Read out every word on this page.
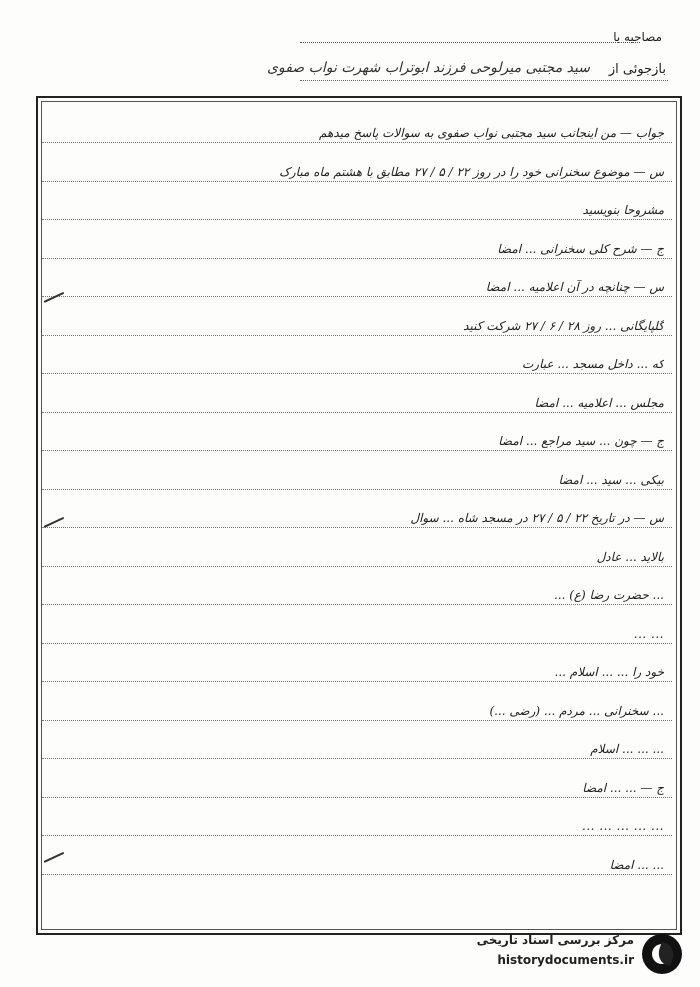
مصاحبه با
بازجوئی از
سید مجتبی میرلوحی فرزند ابوتراب شهرت نواب صفوی
جواب — من اینجانب سید مجتبی نواب صفوی به سوالات پاسخ میدهم
س — موضوع سخنرانی خود را در روز ۲۲ / ۵ / ۲۷ مطابق با هشتم ماه مبارک
مشروحا بنویسید
ج — شرح کلی سخنرانی ... امضا
س — چنانچه در آن اعلامیه ... امضا
گلپایگانی ... روز ۲۸ / ۶ / ۲۷ شرکت کنید
که ... داخل مسجد ... عبارت
مجلس ... اعلامیه ... امضا
ج — چون ... سید مراجع ... امضا
بیکی ... سید ... امضا
س — در تاریخ ۲۲ / ۵ / ۲۷ در مسجد شاه ... سوال
بالاید ... عادل
... حضرت رضا (ع) ...
... ...
خود را ... ... اسلام ...
... سخنرانی ... مردم ... (رضی ...)
... ... ... اسلام
ج — ... ... امضا
... ... ... ... ...
... ... امضا
مرکز بررسی اسناد تاریخی
historydocuments.ir
